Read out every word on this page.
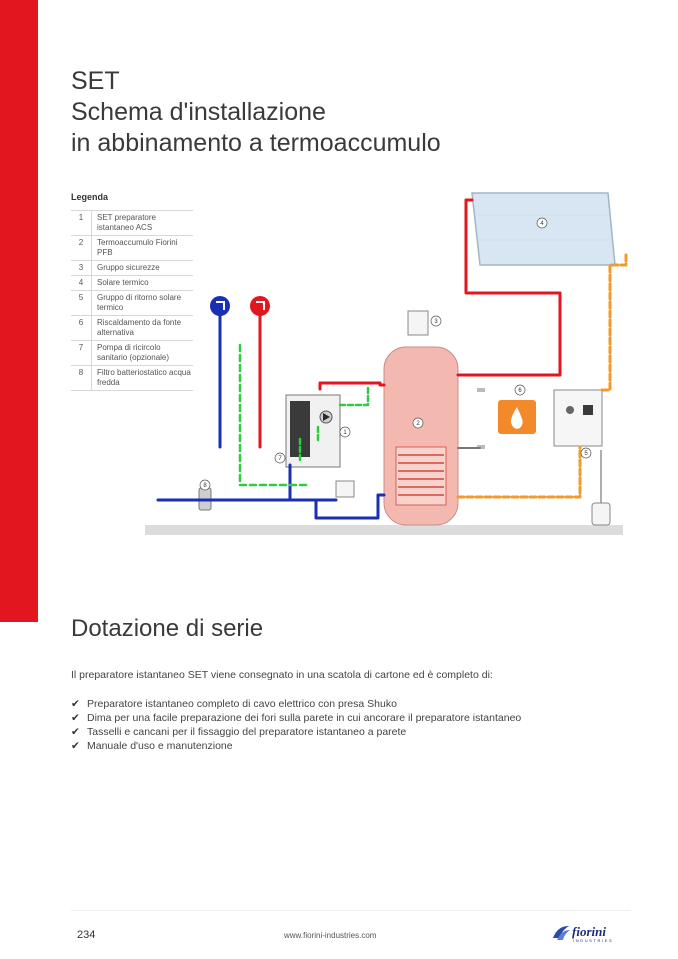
SET
Schema d'installazione
in abbinamento a termoaccumulo
Legenda
1	SET preparatore istantaneo ACS
2	Termoaccumulo Fiorini PFB
3	Gruppo sicurezze
4	Solare termico
5	Gruppo di ritorno solare termico
6	Riscaldamento da fonte alternativa
7	Pompa di ricircolo sanitario (opzionale)
8	Filtro batteriostatico acqua fredda
1
2
3
4
5
6
7
8
Dotazione di serie
Il preparatore istantaneo SET viene consegnato in una scatola di cartone ed è completo di:
✔ Preparatore istantaneo completo di cavo elettrico con presa Shuko
✔ Dima per una facile preparazione dei fori sulla parete in cui ancorare il preparatore istantaneo
✔ Tasselli e cancani per il fissaggio del preparatore istantaneo a parete
✔ Manuale d'uso e manutenzione
234	www.fiorini-industries.com	fiorini
INDUSTRIES
